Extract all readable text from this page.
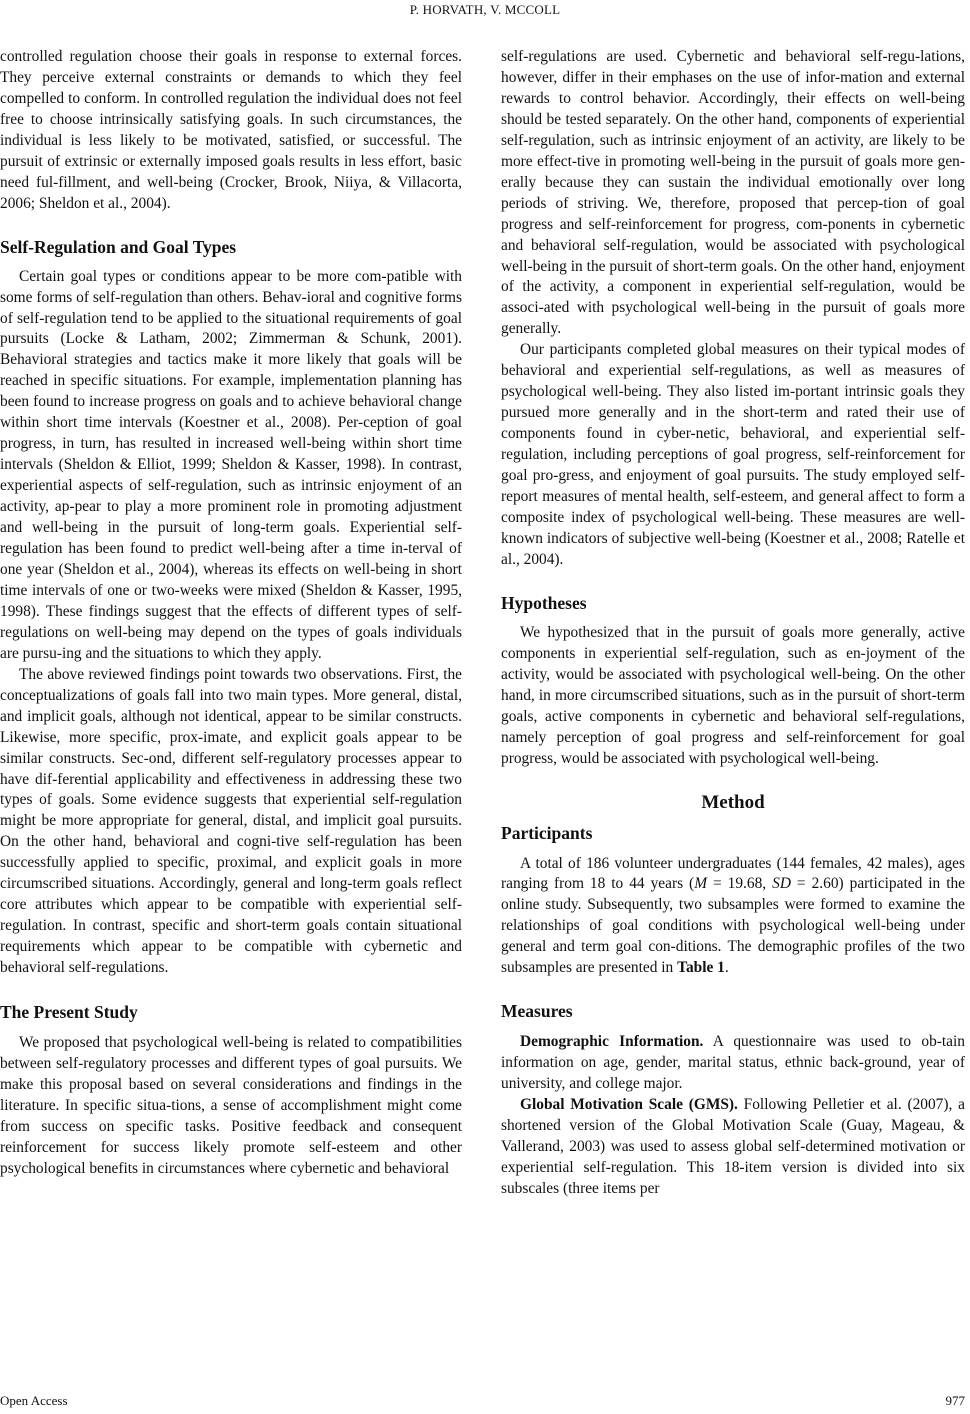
P. HORVATH, V. MCCOLL

controlled regulation choose their goals in response to external forces. They perceive external constraints or demands to which they feel compelled to conform. In controlled regulation the individual does not feel free to choose intrinsically satisfying goals. In such circumstances, the individual is less likely to be motivated, satisfied, or successful. The pursuit of extrinsic or externally imposed goals results in less effort, basic need ful-fillment, and well-being (Crocker, Brook, Niiya, & Villacorta, 2006; Sheldon et al., 2004).

Self-Regulation and Goal Types

Certain goal types or conditions appear to be more com-patible with some forms of self-regulation than others. Behav-ioral and cognitive forms of self-regulation tend to be applied to the situational requirements of goal pursuits (Locke & Latham, 2002; Zimmerman & Schunk, 2001). Behavioral strategies and tactics make it more likely that goals will be reached in specific situations. For example, implementation planning has been found to increase progress on goals and to achieve behavioral change within short time intervals (Koestner et al., 2008). Per-ception of goal progress, in turn, has resulted in increased well-being within short time intervals (Sheldon & Elliot, 1999; Sheldon & Kasser, 1998). In contrast, experiential aspects of self-regulation, such as intrinsic enjoyment of an activity, ap-pear to play a more prominent role in promoting adjustment and well-being in the pursuit of long-term goals. Experiential self-regulation has been found to predict well-being after a time in-terval of one year (Sheldon et al., 2004), whereas its effects on well-being in short time intervals of one or two-weeks were mixed (Sheldon & Kasser, 1995, 1998). These findings suggest that the effects of different types of self-regulations on well-being may depend on the types of goals individuals are pursu-ing and the situations to which they apply.

The above reviewed findings point towards two observations. First, the conceptualizations of goals fall into two main types. More general, distal, and implicit goals, although not identical, appear to be similar constructs. Likewise, more specific, prox-imate, and explicit goals appear to be similar constructs. Sec-ond, different self-regulatory processes appear to have dif-ferential applicability and effectiveness in addressing these two types of goals. Some evidence suggests that experiential self-regulation might be more appropriate for general, distal, and implicit goal pursuits. On the other hand, behavioral and cogni-tive self-regulation has been successfully applied to specific, proximal, and explicit goals in more circumscribed situations. Accordingly, general and long-term goals reflect core attributes which appear to be compatible with experiential self-regulation. In contrast, specific and short-term goals contain situational requirements which appear to be compatible with cybernetic and behavioral self-regulations.

The Present Study

We proposed that psychological well-being is related to compatibilities between self-regulatory processes and different types of goal pursuits. We make this proposal based on several considerations and findings in the literature. In specific situa-tions, a sense of accomplishment might come from success on specific tasks. Positive feedback and consequent reinforcement for success likely promote self-esteem and other psychological benefits in circumstances where cybernetic and behavioral

self-regulations are used. Cybernetic and behavioral self-regu-lations, however, differ in their emphases on the use of infor-mation and external rewards to control behavior. Accordingly, their effects on well-being should be tested separately. On the other hand, components of experiential self-regulation, such as intrinsic enjoyment of an activity, are likely to be more effect-tive in promoting well-being in the pursuit of goals more gen-erally because they can sustain the individual emotionally over long periods of striving. We, therefore, proposed that percep-tion of goal progress and self-reinforcement for progress, com-ponents in cybernetic and behavioral self-regulation, would be associated with psychological well-being in the pursuit of short-term goals. On the other hand, enjoyment of the activity, a component in experiential self-regulation, would be associ-ated with psychological well-being in the pursuit of goals more generally.

Our participants completed global measures on their typical modes of behavioral and experiential self-regulations, as well as measures of psychological well-being. They also listed im-portant intrinsic goals they pursued more generally and in the short-term and rated their use of components found in cyber-netic, behavioral, and experiential self-regulation, including perceptions of goal progress, self-reinforcement for goal pro-gress, and enjoyment of goal pursuits. The study employed self-report measures of mental health, self-esteem, and general affect to form a composite index of psychological well-being. These measures are well-known indicators of subjective well-being (Koestner et al., 2008; Ratelle et al., 2004).

Hypotheses

We hypothesized that in the pursuit of goals more generally, active components in experiential self-regulation, such as en-joyment of the activity, would be associated with psychological well-being. On the other hand, in more circumscribed situations, such as in the pursuit of short-term goals, active components in cybernetic and behavioral self-regulations, namely perception of goal progress and self-reinforcement for goal progress, would be associated with psychological well-being.

Method
Participants

A total of 186 volunteer undergraduates (144 females, 42 males), ages ranging from 18 to 44 years (M = 19.68, SD = 2.60) participated in the online study. Subsequently, two subsamples were formed to examine the relationships of goal conditions with psychological well-being under general and term goal con-ditions. The demographic profiles of the two subsamples are presented in Table 1.

Measures

Demographic Information. A questionnaire was used to ob-tain information on age, gender, marital status, ethnic back-ground, year of university, and college major.

Global Motivation Scale (GMS). Following Pelletier et al. (2007), a shortened version of the Global Motivation Scale (Guay, Mageau, & Vallerand, 2003) was used to assess global self-determined motivation or experiential self-regulation. This 18-item version is divided into six subscales (three items per

Open Access	977
